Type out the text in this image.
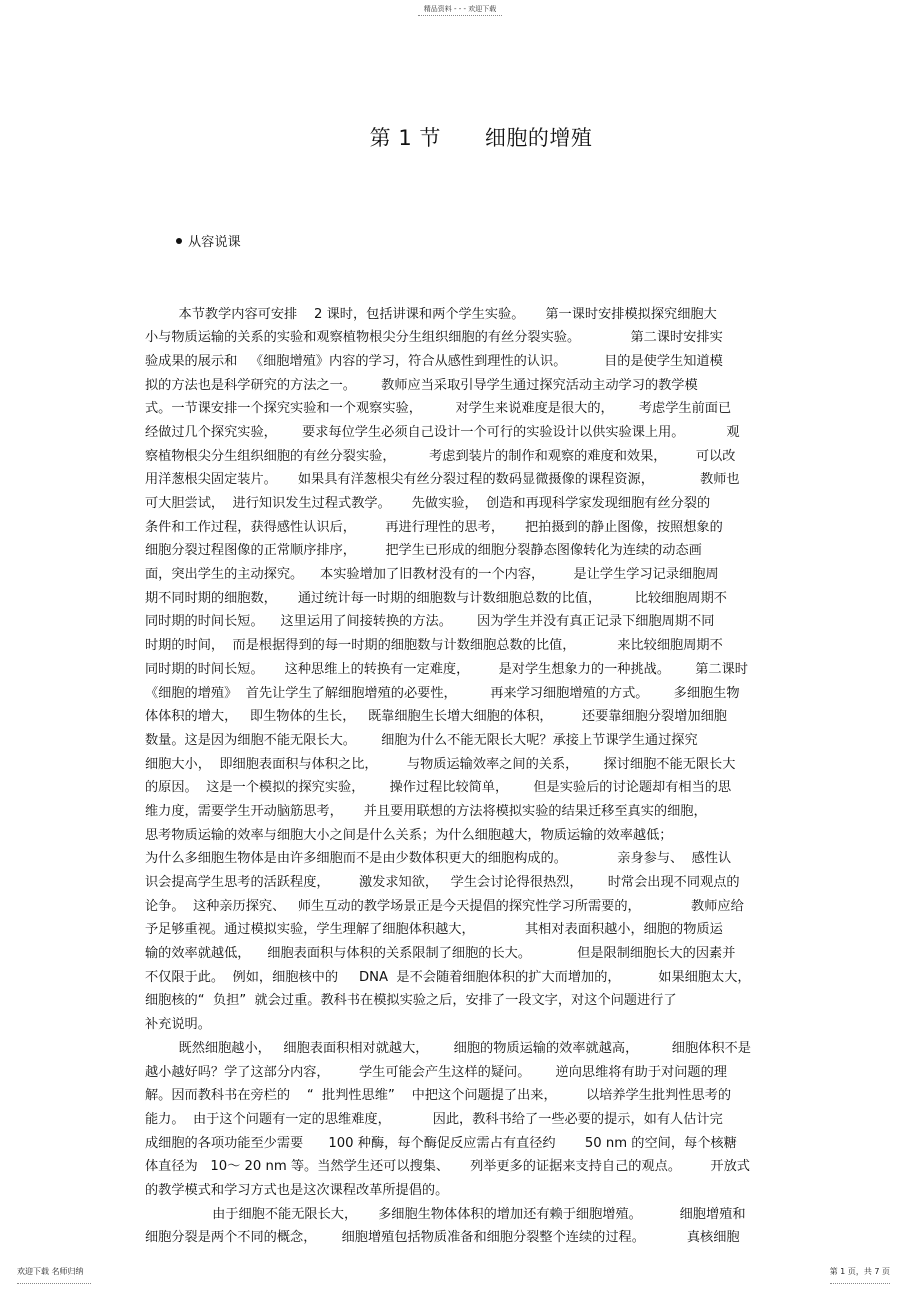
精品资料 - - - 欢迎下载
第 1 节 细胞的增殖

从容说课

本节教学内容可安排    2 课时，包括讲课和两个学生实验。     第一课时安排模拟探究细胞大
小与物质运输的关系的实验和观察植物根尖分生组织细胞的有丝分裂实验。            第二课时安排实
验成果的展示和   《细胞增殖》内容的学习，符合从感性到理性的认识。         目的是使学生知道模
拟的方法也是科学研究的方法之一。      教师应当采取引导学生通过探究活动主动学习的教学模
式。一节课安排一个探究实验和一个观察实验，        对学生来说难度是很大的，      考虑学生前面已
经做过几个探究实验，      要求每位学生必须自己设计一个可行的实验设计以供实验课上用。          观
察植物根尖分生组织细胞的有丝分裂实验，        考虑到装片的制作和观察的难度和效果，       可以改
用洋葱根尖固定装片。     如果具有洋葱根尖有丝分裂过程的数码显微摄像的课程资源，           教师也
可大胆尝试，  进行知识发生过程式教学。     先做实验，  创造和再现科学家发现细胞有丝分裂的
条件和工作过程，获得感性认识后，       再进行理性的思考，     把拍摄到的静止图像，按照想象的
细胞分裂过程图像的正常顺序排序，       把学生已形成的细胞分裂静态图像转化为连续的动态画
面，突出学生的主动探究。    本实验增加了旧教材没有的一个内容，       是让学生学习记录细胞周
期不同时期的细胞数，     通过统计每一时期的细胞数与计数细胞总数的比值，        比较细胞周期不
同时期的时间长短。    这里运用了间接转换的方法。      因为学生并没有真正记录下细胞周期不同
时期的时间，  而是根据得到的每一时期的细胞数与计数细胞总数的比值，          来比较细胞周期不
同时期的时间长短。     这种思维上的转换有一定难度，       是对学生想象力的一种挑战。      第二课时
《细胞的增殖》  首先让学生了解细胞增殖的必要性，        再来学习细胞增殖的方式。      多细胞生物
体体积的增大，   即生物体的生长，   既靠细胞生长增大细胞的体积，       还要靠细胞分裂增加细胞
数量。这是因为细胞不能无限长大。      细胞为什么不能无限长大呢？承接上节课学生通过探究
细胞大小，  即细胞表面积与体积之比，       与物质运输效率之间的关系，      探讨细胞不能无限长大
的原因。  这是一个模拟的探究实验，      操作过程比较简单，      但是实验后的讨论题却有相当的思
维力度，需要学生开动脑筋思考，     并且要用联想的方法将模拟实验的结果迁移至真实的细胞，
思考物质运输的效率与细胞大小之间是什么关系；为什么细胞越大，物质运输的效率越低；
为什么多细胞生物体是由许多细胞而不是由少数体积更大的细胞构成的。            亲身参与、  感性认
识会提高学生思考的活跃程度，       激发求知欲，   学生会讨论得很热烈，      时常会出现不同观点的
论争。  这种亲历探究、   师生互动的教学场景正是今天提倡的探究性学习所需要的，            教师应给
予足够重视。通过模拟实验，学生理解了细胞体积越大，            其相对表面积越小，细胞的物质运
输的效率就越低，    细胞表面积与体积的关系限制了细胞的长大。           但是限制细胞长大的因素并
不仅限于此。  例如，细胞核中的     DNA  是不会随着细胞体积的扩大而增加的，         如果细胞太大，
细胞核的“  负担”  就会过重。教科书在模拟实验之后，安排了一段文字，对这个问题进行了
补充说明。
既然细胞越小，   细胞表面积相对就越大，      细胞的物质运输的效率就越高，        细胞体积不是
越小越好吗？学了这部分内容，       学生可能会产生这样的疑问。      逆向思维将有助于对问题的理
解。因而教科书在旁栏的    “  批判性思维”    中把这个问题提了出来，       以培养学生批判性思考的
能力。  由于这个问题有一定的思维难度，          因此，教科书给了一些必要的提示，如有人估计完
成细胞的各项功能至少需要      100 种酶，每个酶促反应需占有直径约       50 nm 的空间，每个核糖
体直径为   10～ 20 nm 等。当然学生还可以搜集、     列举更多的证据来支持自己的观点。       开放式
的教学模式和学习方式也是这次课程改革所提倡的。
由于细胞不能无限长大，     多细胞生物体体积的增加还有赖于细胞增殖。         细胞增殖和
细胞分裂是两个不同的概念，      细胞增殖包括物质准备和细胞分裂整个连续的过程。          真核细胞

欢迎下载 名师归纳	第 1 页，共 7 页
